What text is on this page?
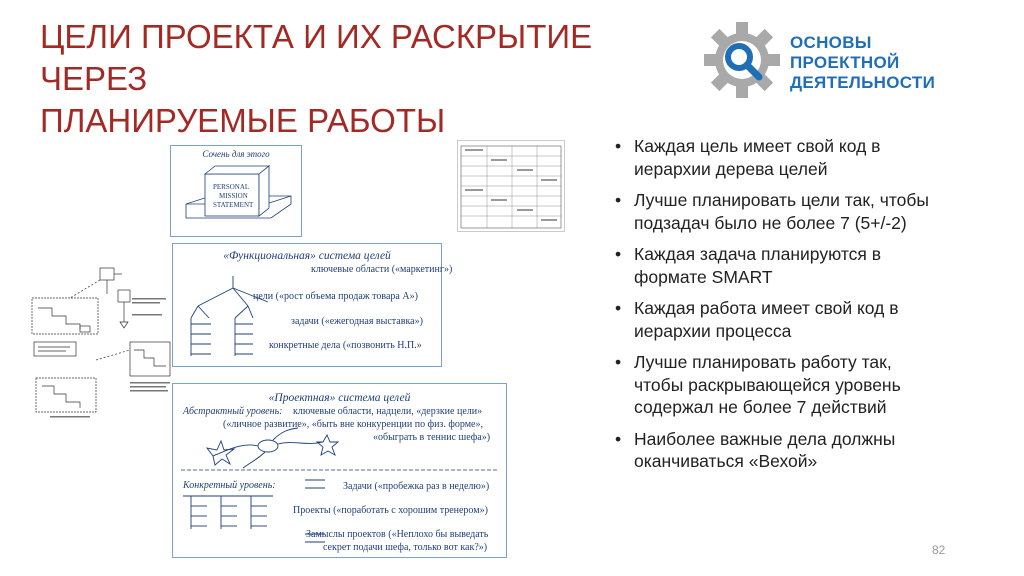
ЦЕЛИ ПРОЕКТА И ИХ РАСКРЫТИЕ ЧЕРЕЗ
ПЛАНИРУЕМЫЕ РАБОТЫ
ОСНОВЫ
ПРОЕКТНОЙ
ДЕЯТЕЛЬНОСТИ
• Каждая цель имеет свой код в иерархии дерева целей
• Лучше планировать цели так, чтобы подзадач было не более 7 (5+/-2)
• Каждая задача планируются в формате SMART
• Каждая работа имеет свой код в иерархии процесса
• Лучше планировать работу так, чтобы раскрывающейся уровень содержал не более 7 действий
• Наиболее важные дела должны оканчиваться «Вехой»
Сочень для этого
PERSONAL
MISSION
STATEMENT
«Функциональная» система целей
ключевые области («маркетинг»)
цели («рост объема продаж товара А»)
задачи («ежегодная выставка»)
конкретные дела («позвонить Н.П.»
«Проектная» система целей
Абстрактный уровень: ключевые области, надцели, «дерзкие цели»
(«личное развитие», «быть вне конкуренции по физ. форме»,
«обыграть в теннис шефа»)
Конкретный уровень:	Задачи («пробежка раз в неделю»)
Проекты («поработать с хорошим тренером»)
Замыслы проектов («Неплохо бы выведать
секрет подачи шефа, только вот как?»)	82
